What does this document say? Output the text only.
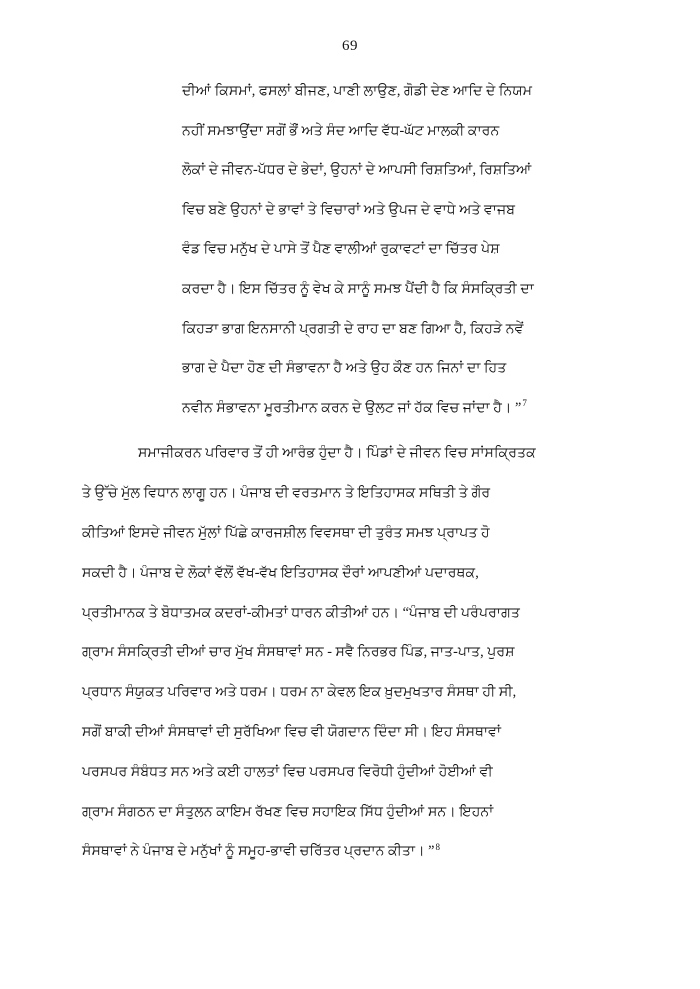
69

ਦੀਆਂ ਕਿਸਮਾਂ, ਫਸਲਾਂ ਬੀਜਣ, ਪਾਣੀ ਲਾਉਣ, ਗੋਡੀ ਦੇਣ ਆਦਿ ਦੇ ਨਿਯਮ
ਨਹੀਂ ਸਮਝਾਉਂਦਾ ਸਗੋਂ ਭੌਂ ਅਤੇ ਸੰਦ ਆਦਿ ਵੱਧ-ਘੱਟ ਮਾਲਕੀ ਕਾਰਨ
ਲੋਕਾਂ ਦੇ ਜੀਵਨ-ਪੱਧਰ ਦੇ ਭੇਦਾਂ, ਉਹਨਾਂ ਦੇ ਆਪਸੀ ਰਿਸ਼ਤਿਆਂ, ਰਿਸ਼ਤਿਆਂ
ਵਿਚ ਬਣੇ ਉਹਨਾਂ ਦੇ ਭਾਵਾਂ ਤੇ ਵਿਚਾਰਾਂ ਅਤੇ ਉਪਜ ਦੇ ਵਾਧੇ ਅਤੇ ਵਾਜਬ
ਵੰਡ ਵਿਚ ਮਨੁੱਖ ਦੇ ਪਾਸੇ ਤੋਂ ਪੈਣ ਵਾਲੀਆਂ ਰੁਕਾਵਟਾਂ ਦਾ ਚਿੱਤਰ ਪੇਸ਼
ਕਰਦਾ ਹੈ। ਇਸ ਚਿੱਤਰ ਨੂੰ ਵੇਖ ਕੇ ਸਾਨੂੰ ਸਮਝ ਪੈਂਦੀ ਹੈ ਕਿ ਸੰਸਕ੍ਰਿਤੀ ਦਾ
ਕਿਹੜਾ ਭਾਗ ਇਨਸਾਨੀ ਪ੍ਰਗਤੀ ਦੇ ਰਾਹ ਦਾ ਬਣ ਗਿਆ ਹੈ, ਕਿਹੜੇ ਨਵੇਂ
ਭਾਗ ਦੇ ਪੈਦਾ ਹੋਣ ਦੀ ਸੰਭਾਵਨਾ ਹੈ ਅਤੇ ਉਹ ਕੌਣ ਹਨ ਜਿਨਾਂ ਦਾ ਹਿਤ
ਨਵੀਨ ਸੰਭਾਵਨਾ ਮੂਰਤੀਮਾਨ ਕਰਨ ਦੇ ਉਲਟ ਜਾਂ ਹੱਕ ਵਿਚ ਜਾਂਦਾ ਹੈ। ”$^7$

ਸਮਾਜੀਕਰਨ ਪਰਿਵਾਰ ਤੋਂ ਹੀ ਆਰੰਭ ਹੁੰਦਾ ਹੈ। ਪਿੰਡਾਂ ਦੇ ਜੀਵਨ ਵਿਚ ਸਾਂਸਕ੍ਰਿਤਕ
ਤੇ ਉੱਚੇ ਮੁੱਲ ਵਿਧਾਨ ਲਾਗੂ ਹਨ। ਪੰਜਾਬ ਦੀ ਵਰਤਮਾਨ ਤੇ ਇਤਿਹਾਸਕ ਸਥਿਤੀ ਤੇ ਗੌਰ
ਕੀਤਿਆਂ ਇਸਦੇ ਜੀਵਨ ਮੁੱਲਾਂ ਪਿੱਛੇ ਕਾਰਜਸ਼ੀਲ ਵਿਵਸਥਾ ਦੀ ਤੁਰੰਤ ਸਮਝ ਪ੍ਰਾਪਤ ਹੋ
ਸਕਦੀ ਹੈ। ਪੰਜਾਬ ਦੇ ਲੋਕਾਂ ਵੱਲੋਂ ਵੱਖ-ਵੱਖ ਇਤਿਹਾਸਕ ਦੌਰਾਂ ਆਪਣੀਆਂ ਪਦਾਰਥਕ,
ਪ੍ਰਤੀਮਾਨਕ ਤੇ ਬੋਧਾਤਮਕ ਕਦਰਾਂ-ਕੀਮਤਾਂ ਧਾਰਨ ਕੀਤੀਆਂ ਹਨ। “ਪੰਜਾਬ ਦੀ ਪਰੰਪਰਾਗਤ
ਗ੍ਰਾਮ ਸੰਸਕ੍ਰਿਤੀ ਦੀਆਂ ਚਾਰ ਮੁੱਖ ਸੰਸਥਾਵਾਂ ਸਨ - ਸਵੈ ਨਿਰਭਰ ਪਿੰਡ, ਜਾਤ-ਪਾਤ, ਪੁਰਸ਼
ਪ੍ਰਧਾਨ ਸੰਯੁਕਤ ਪਰਿਵਾਰ ਅਤੇ ਧਰਮ। ਧਰਮ ਨਾ ਕੇਵਲ ਇਕ ਖ਼ੁਦਮੁਖਤਾਰ ਸੰਸਥਾ ਹੀ ਸੀ,
ਸਗੋਂ ਬਾਕੀ ਦੀਆਂ ਸੰਸਥਾਵਾਂ ਦੀ ਸੁਰੱਖਿਆ ਵਿਚ ਵੀ ਯੋਗਦਾਨ ਦਿੰਦਾ ਸੀ। ਇਹ ਸੰਸਥਾਵਾਂ
ਪਰਸਪਰ ਸੰਬੰਧਤ ਸਨ ਅਤੇ ਕਈ ਹਾਲਤਾਂ ਵਿਚ ਪਰਸਪਰ ਵਿਰੋਧੀ ਹੁੰਦੀਆਂ ਹੋਈਆਂ ਵੀ
ਗ੍ਰਾਮ ਸੰਗਠਨ ਦਾ ਸੰਤੁਲਨ ਕਾਇਮ ਰੱਖਣ ਵਿਚ ਸਹਾਇਕ ਸਿੱਧ ਹੁੰਦੀਆਂ ਸਨ। ਇਹਨਾਂ
ਸੰਸਥਾਵਾਂ ਨੇ ਪੰਜਾਬ ਦੇ ਮਨੁੱਖਾਂ ਨੂੰ ਸਮੂਹ-ਭਾਵੀ ਚਰਿੱਤਰ ਪ੍ਰਦਾਨ ਕੀਤਾ। ”$^8$
